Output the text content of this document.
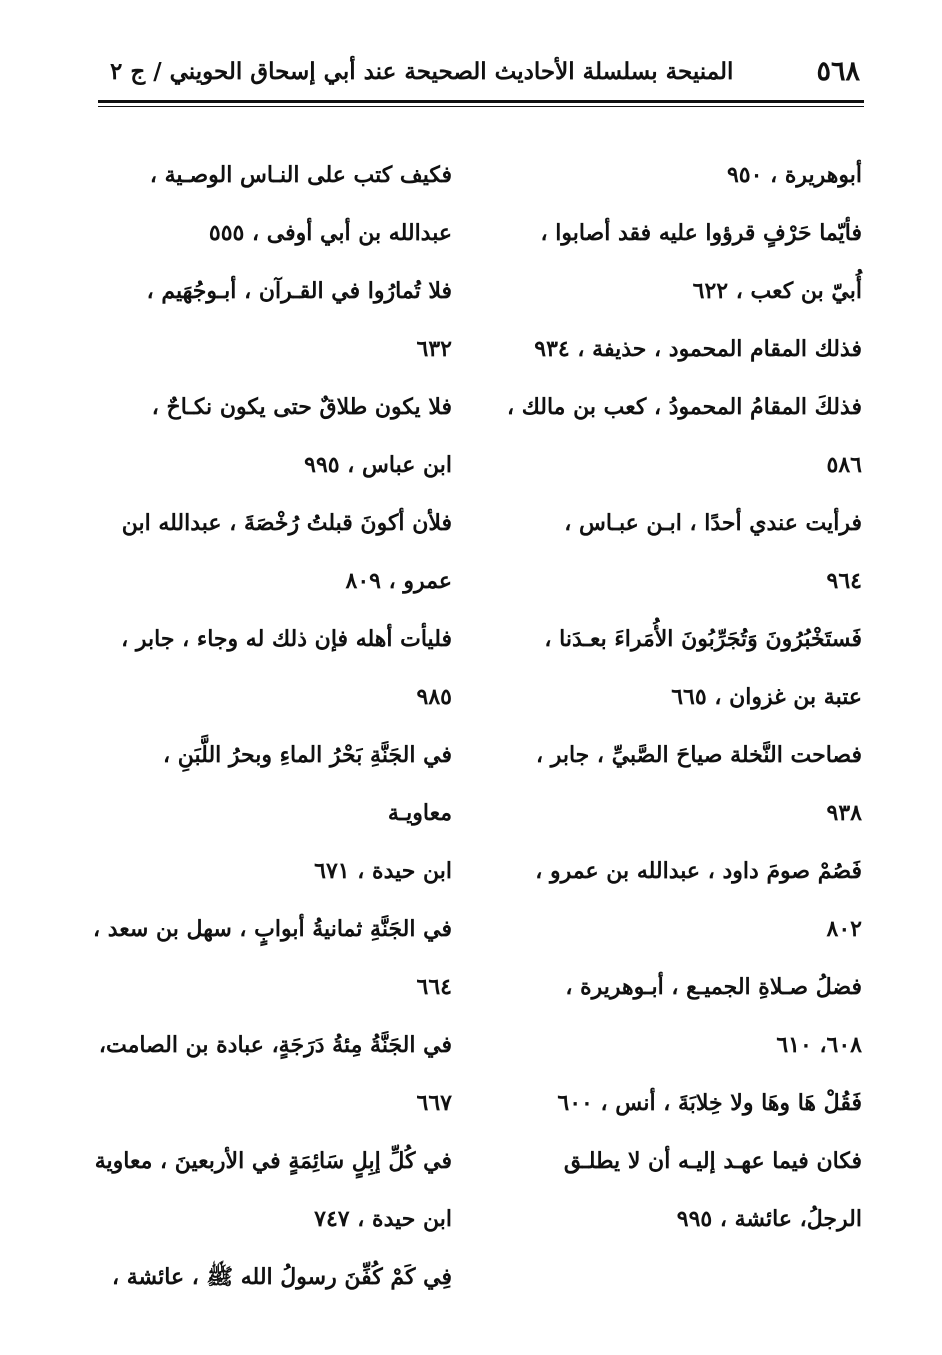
٥٦٨
المنيحة بسلسلة الأحاديث الصحيحة عند أبي إسحاق الحويني / ج ٢

أبوهريرة ، ٩٥٠

فأيّما حَرْفٍ قرؤوا عليه فقد أصابوا ،
أُبيّ بن كعب ، ٦٢٢

فذلك المقام المحمود ، حذيفة ، ٩٣٤

فذلكَ المقامُ المحمودُ ، كعب بن مالك ،
٥٨٦

فرأيت عندي أحدًا ، ابـن عبـاس ،
٩٦٤

فَستَخْبُرُونَ وَتُجَرِّبُونَ الأُمَراءَ بعـدَنا ،
عتبة بن غزوان ، ٦٦٥

فصاحت النَّخلة صياحَ الصَّبيِّ ، جابر ،
٩٣٨

فَصُمْ صومَ داود ، عبدالله بن عمرو ،
٨٠٢

فضلُ صـلاةِ الجميـع ، أبـوهريرة ،
٦٠٨، ٦١٠

فَقُلْ هَا وهَا ولا خِلابَةَ ، أنس ، ٦٠٠

فكان فيما عهـد إليـه أن لا يطلـق
الرجلُ، عائشة ، ٩٩٥

فكيف كتب على النـاس الوصـية ،
عبدالله بن أبي أوفى ، ٥٥٥

فلا تُمارُوا في القـرآن ، أبـوجُهَيم ،
٦٣٢

فلا يكون طلاقٌ حتى يكون نكـاحٌ ،
ابن عباس ، ٩٩٥

فلأن أكونَ قبلتُ رُخْصَةَ ، عبدالله ابن
عمرو ، ٨٠٩

فليأت أهله فإن ذلك له وجاء ، جابر ،
٩٨٥

في الجَنَّةِ بَحْرُ الماءِ وبحرُ اللَّبَنِ ، معاويـة
ابن حيدة ، ٦٧١

في الجَنَّةِ ثمانيةُ أبوابٍ ، سهل بن سعد ،
٦٦٤

في الجَنَّةُ مِئةُ دَرَجَةٍ، عبادة بن الصامت،
٦٦٧

في كُلِّ إبِلٍ سَائِمَةٍ في الأربعينَ ، معاوية
ابن حيدة ، ٧٤٧

فِي كَمْ كُفِّنَ رسولُ الله ﷺ ، عائشة ،
